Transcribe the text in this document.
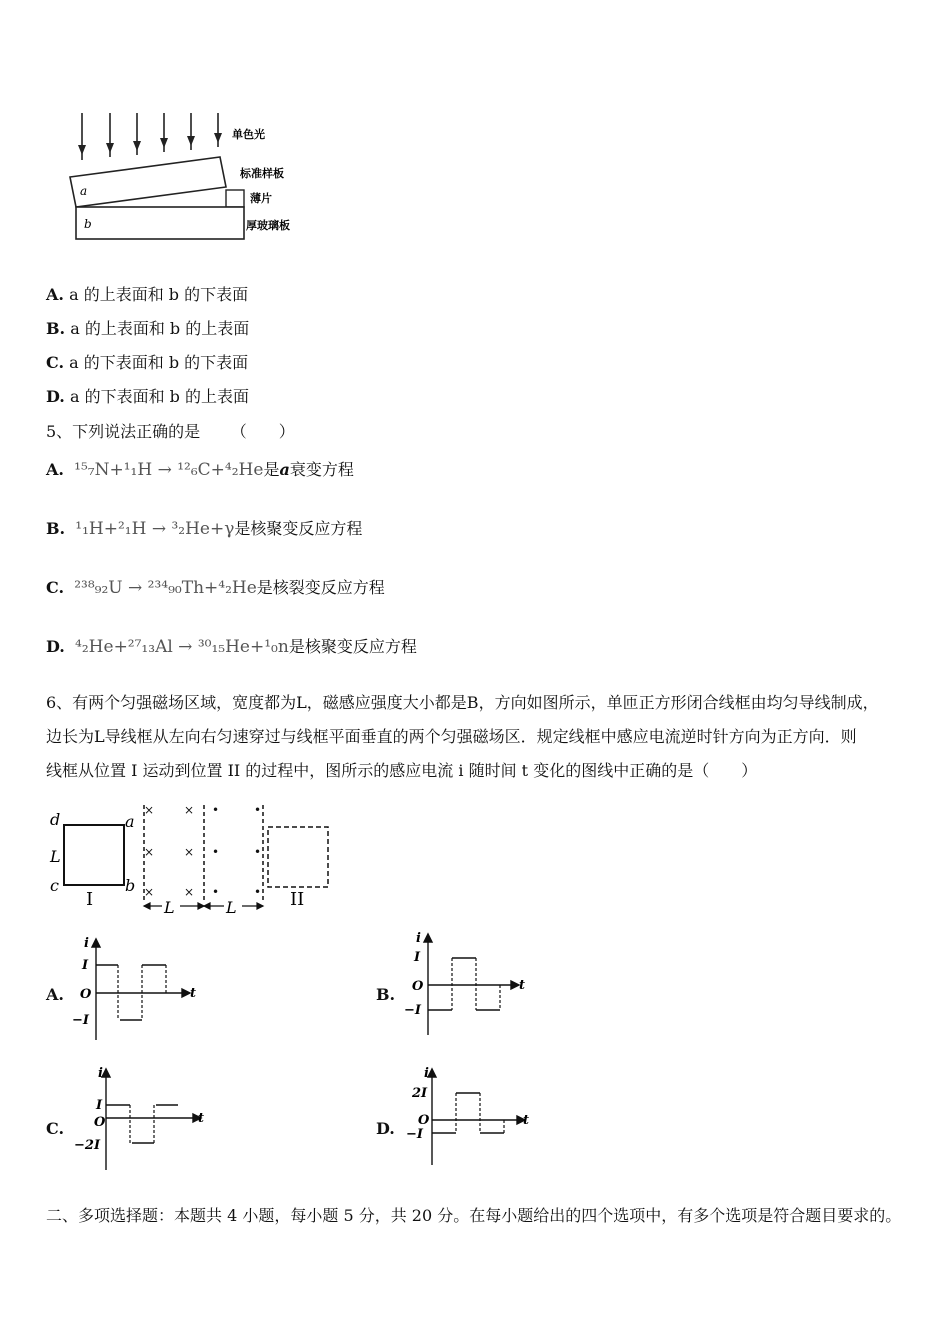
a
b
单色光
标准样板
薄片
厚玻璃板
A. a 的上表面和 b 的下表面
B. a 的上表面和 b 的上表面
C. a 的下表面和 b 的下表面
D. a 的下表面和 b 的上表面
5、下列说法正确的是 （　　）
A. ¹⁵₇N+¹₁H → ¹²₆C+⁴₂He是a衰变方程
B. ¹₁H+²₁H → ³₂He+γ是核聚变反应方程
C. ²³⁸₉₂U → ²³⁴₉₀Th+⁴₂He是核裂变反应方程
D. ⁴₂He+²⁷₁₃Al → ³⁰₁₅He+¹₀n是核聚变反应方程
6、有两个匀强磁场区域，宽度都为L，磁感应强度大小都是B，方向如图所示，单匝正方形闭合线框由均匀导线制成，
边长为L导线框从左向右匀速穿过与线框平面垂直的两个匀强磁场区．规定线框中感应电流逆时针方向为正方向．则
线框从位置 I 运动到位置 II 的过程中，图所示的感应电流 i 随时间 t 变化的图线中正确的是（　　）
d	a
c	b
L
I
× ×
× ×
× ×
•	•
•	•
•	• II
L	L
A.
i
I
O
−I
t	B.
i
I
O
−I
t
C.
i
I
O
−2I
t
D.
i
2I
O
−I
t
二、多项选择题：本题共 4 小题，每小题 5 分，共 20 分。在每小题给出的四个选项中，有多个选项是符合题目要求的。
